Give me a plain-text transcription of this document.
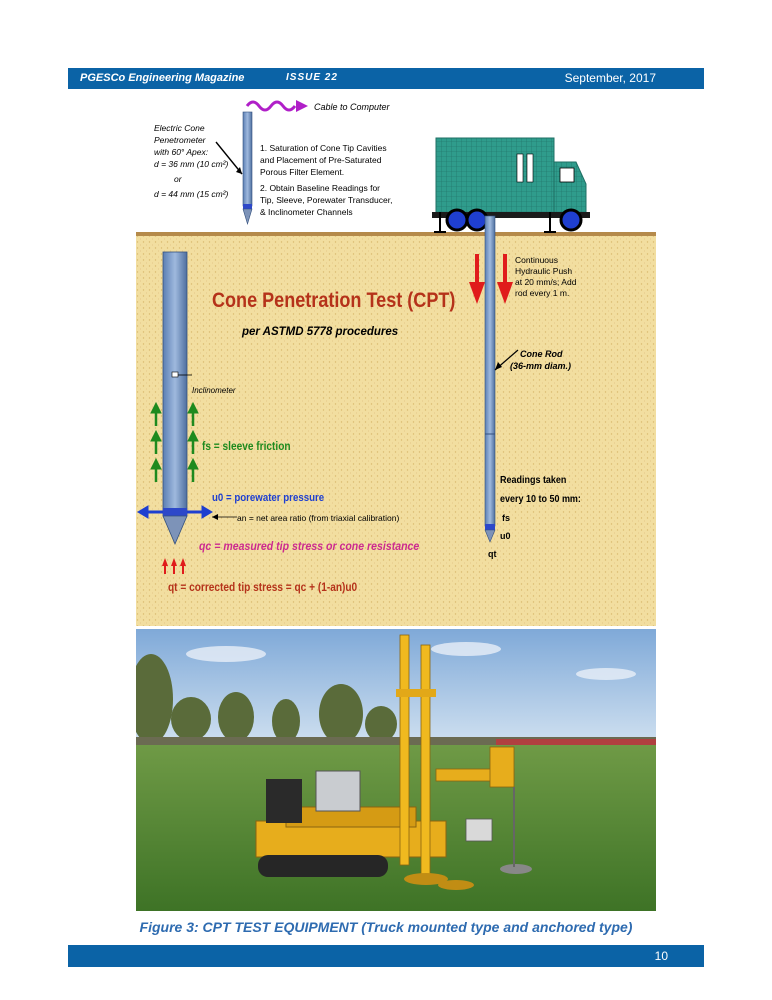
PGESCo Engineering Magazine	ISSUE 22	September, 2017
Cable to Computer
Electric Cone
Penetrometer
with 60° Apex:
d = 36 mm (10 cm²)
or
d = 44 mm (15 cm²)
1. Saturation of Cone Tip Cavities
and Placement of Pre-Saturated
Porous Filter Element.
2. Obtain Baseline Readings for
Tip, Sleeve, Porewater Transducer,
& Inclinometer Channels
Continuous
Hydraulic Push
at 20 mm/s; Add
rod every 1 m.
Cone Rod
(36-mm diam.)
Cone Penetration Test (CPT)
per ASTMD 5778 procedures
Inclinometer
fs = sleeve friction
u0 = porewater pressure
an = net area ratio (from triaxial calibration)
qc = measured tip stress or cone resistance
qt = corrected tip stress = qc + (1-an)u0
Readings taken
every 10 to 50 mm:
fs
u0
qt
Figure 3: CPT TEST EQUIPMENT (Truck mounted type and anchored type)
10
